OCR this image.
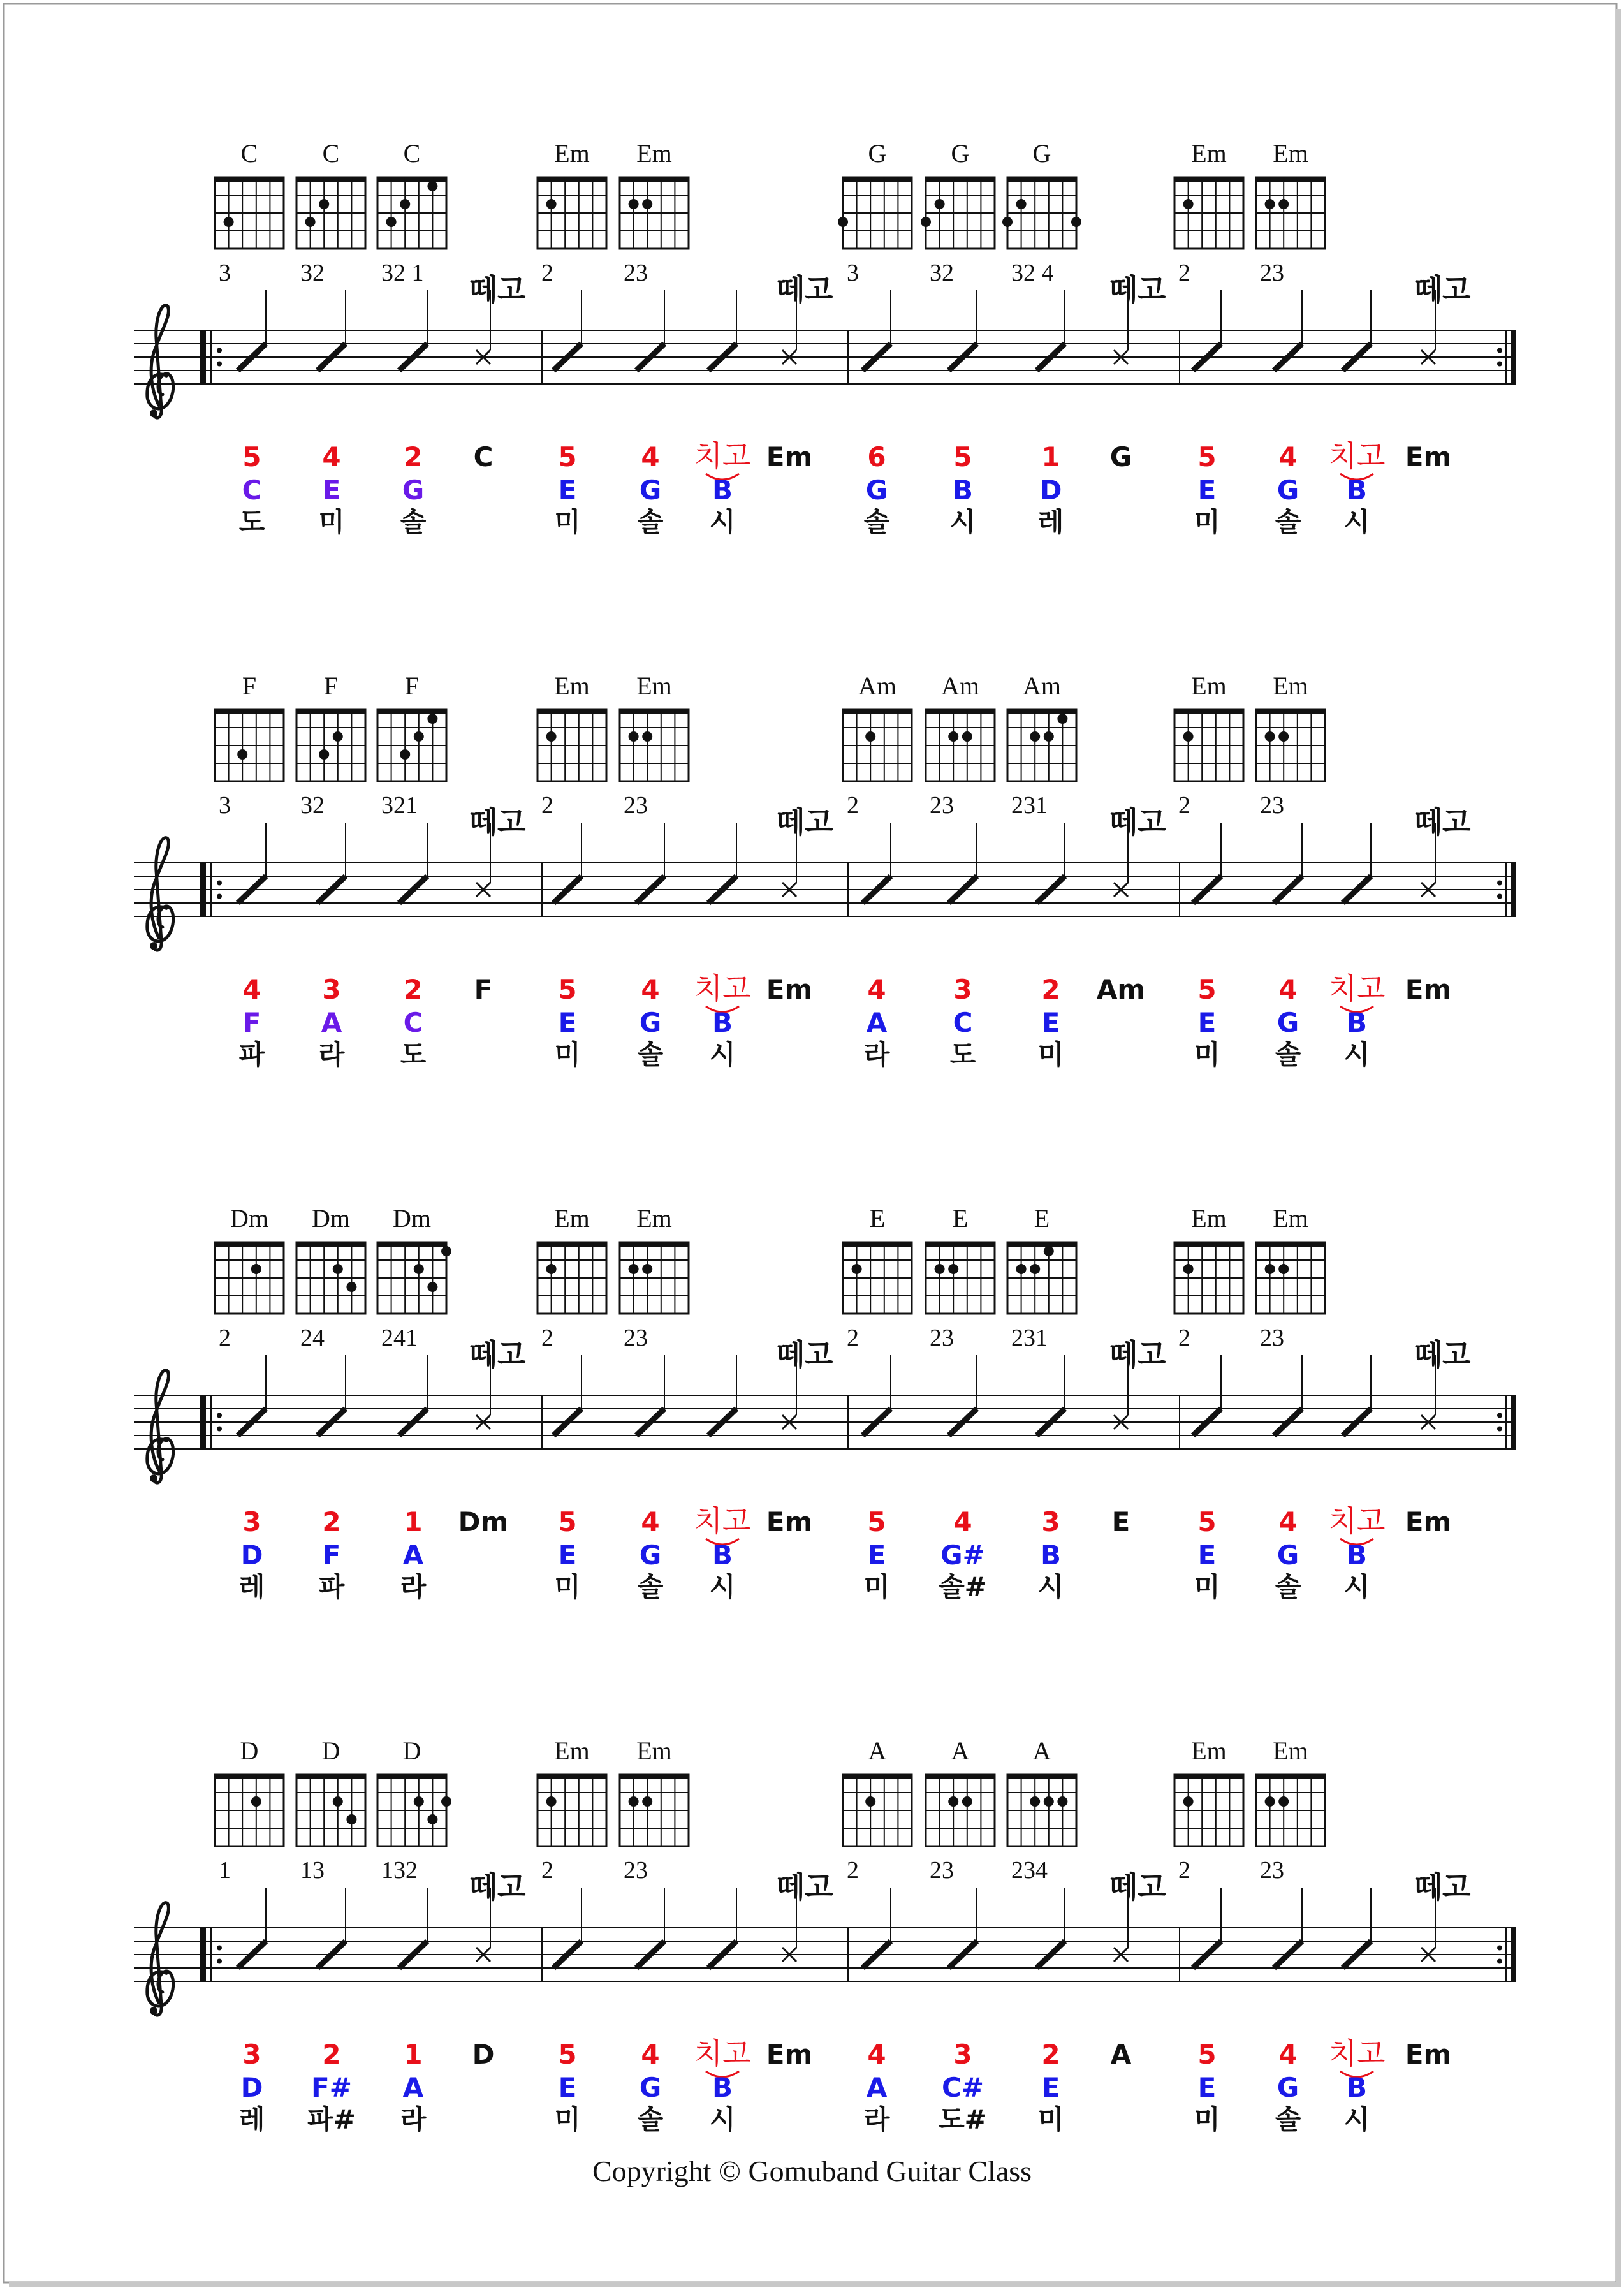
C
3
C
32
C
32 1
Em
2
Em
23
G
3
G
32
G
32 4
Em
2
Em
23
떼고
5
C
도
4
E
미
2
G
솔
C
떼고
5
E
미
4
G
솔
치고
B
시
Em
떼고
6
G
솔
5
B
시
1
D
레
G
떼고
5
E
미
4
G
솔
치고
B
시
Em
F
3
F
32
F
321
Em
2
Em
23
Am
2
Am
23
Am
231
Em
2
Em
23
떼고
4
F
파
3
A
라
2
C
도
F
떼고
5
E
미
4
G
솔
치고
B
시
Em
떼고
4
A
라
3
C
도
2
E
미
Am
떼고
5
E
미
4
G
솔
치고
B
시
Em
Dm
2
Dm
24
Dm
241
Em
2
Em
23
E
2
E
23
E
231
Em
2
Em
23
떼고
3
D
레
2
F
파
1
A
라
Dm
떼고
5
E
미
4
G
솔
치고
B
시
Em
떼고
5
E
미
4
G#
솔#
3
B
시
E
떼고
5
E
미
4
G
솔
치고
B
시
Em
D
1
D
13
D
132
Em
2
Em
23
A
2
A
23
A
234
Em
2
Em
23
떼고
3
D
레
2
F#
파#
1
A
라
D
떼고
5
E
미
4
G
솔
치고
B
시
Em
떼고
4
A
라
3
C#
도#
2
E
미
A
떼고
5
E
미
4
G
솔
치고
B
시
Em
Copyright © Gomuband Guitar Class
